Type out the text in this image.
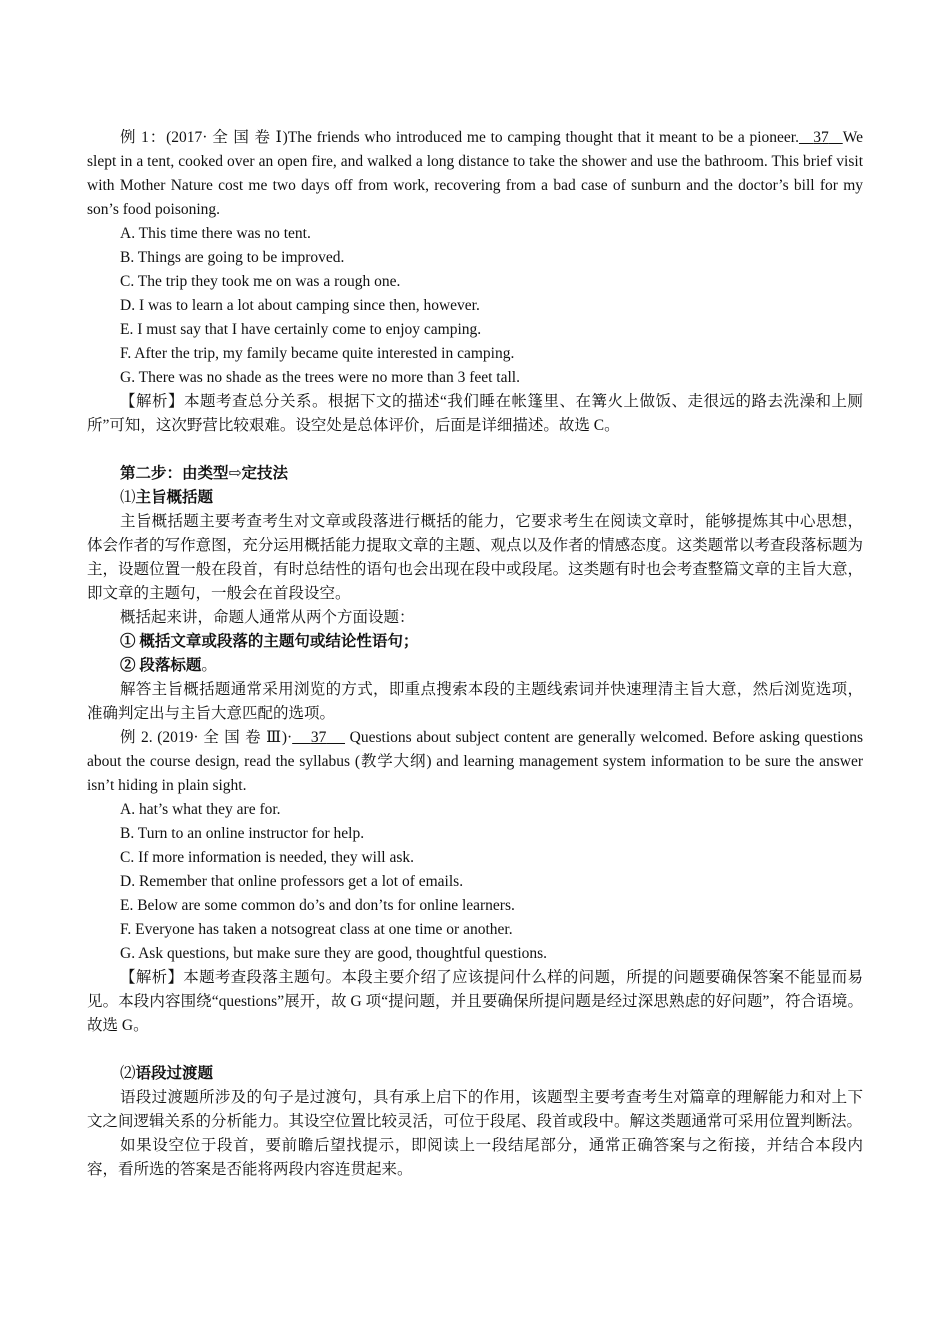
例 1：(2017· 全 国 卷 Ⅰ)The friends who introduced me to camping thought that it meant to be a pioneer. 37 We slept in a tent, cooked over an open fire, and walked a long distance to take the shower and use the bathroom. This brief visit with Mother Nature cost me two days off from work, recovering from a bad case of sunburn and the doctor’s bill for my son’s food poisoning.

A. This time there was no tent.

B. Things are going to be improved.

C. The trip they took me on was a rough one.

D. I was to learn a lot about camping since then, however.

E. I must say that I have certainly come to enjoy camping.

F. After the trip, my family became quite interested in camping.

G. There was no shade as the trees were no more than 3 feet tall.

【解析】本题考查总分关系。根据下文的描述“我们睡在帐篷里、在篝火上做饭、走很远的路去洗澡和上厕所”可知，这次野营比较艰难。设空处是总体评价，后面是详细描述。故选 C。

第二步：由类型⇨定技法

⑴主旨概括题

主旨概括题主要考查考生对文章或段落进行概括的能力，它要求考生在阅读文章时，能够提炼其中心思想，体会作者的写作意图，充分运用概括能力提取文章的主题、观点以及作者的情感态度。这类题常以考查段落标题为主，设题位置一般在段首，有时总结性的语句也会出现在段中或段尾。这类题有时也会考查整篇文章的主旨大意，即文章的主题句，一般会在首段设空。

概括起来讲，命题人通常从两个方面设题：

① 概括文章或段落的主题句或结论性语句；

② 段落标题。

解答主旨概括题通常采用浏览的方式，即重点搜索本段的主题线索词并快速理清主旨大意，然后浏览选项，准确判定出与主旨大意匹配的选项。

例 2. (2019· 全 国 卷 Ⅲ)· 37     Questions about subject content are generally welcomed. Before asking questions about the course design, read the syllabus (教学大纲) and learning management system information to be sure the answer isn’t hiding in plain sight.

A. hat’s what they are for.

B. Turn to an online instructor for help.

C. If more information is needed, they will ask.

D. Remember that online professors get a lot of emails.

E. Below are some common do’s and don’ts for online learners.

F. Everyone has taken a notsogreat class at one time or another.

G. Ask questions, but make sure they are good, thoughtful questions.

【解析】本题考查段落主题句。本段主要介绍了应该提问什么样的问题，所提的问题要确保答案不能显而易见。本段内容围绕“questions”展开，故 G 项“提问题，并且要确保所提问题是经过深思熟虑的好问题”，符合语境。故选 G。

⑵语段过渡题

语段过渡题所涉及的句子是过渡句，具有承上启下的作用，该题型主要考查考生对篇章的理解能力和对上下文之间逻辑关系的分析能力。其设空位置比较灵活，可位于段尾、段首或段中。解这类题通常可采用位置判断法。

如果设空位于段首，要前瞻后望找提示，即阅读上一段结尾部分，通常正确答案与之衔接，并结合本段内容，看所选的答案是否能将两段内容连贯起来。
